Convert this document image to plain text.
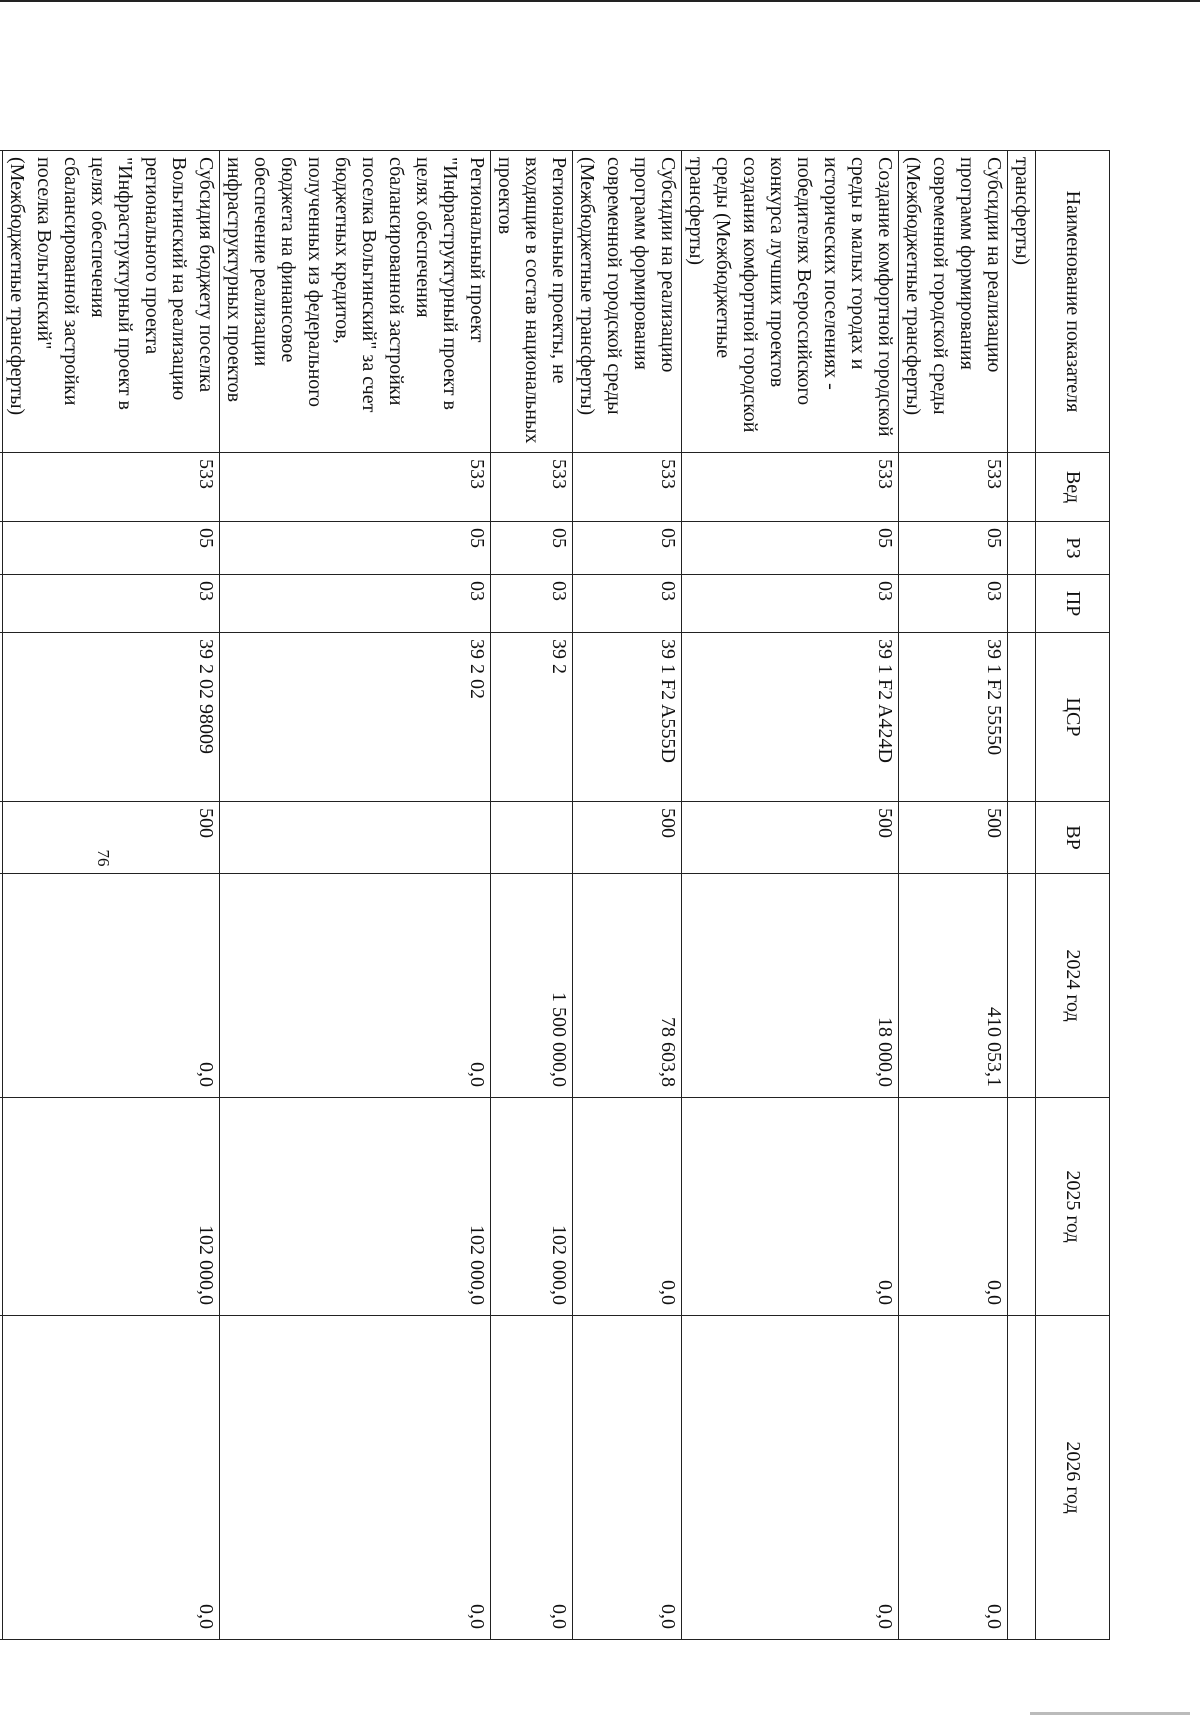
76
Наименование показателя	Вед	РЗ	ПР	ЦСР	ВР	2024 год	2025 год	2026 год
трансферты)								
Субсидии на реализацию программ формирования современной городской среды (Межбюджетные трансферты)	533	05	03	39 1 F2 55550	500	410 053,1	0,0	0,0
Создание комфортной городской среды в малых городах и исторических поселениях - победителях Всероссийского конкурса лучших проектов создания комфортной городской среды (Межбюджетные трансферты)	533	05	03	39 1 F2 A424D	500	18 000,0	0,0	0,0
Субсидии на реализацию программ формирования современной городской среды (Межбюджетные трансферты)	533	05	03	39 1 F2 A555D	500	78 603,8	0,0	0,0
Региональные проекты, не входящие в состав национальных проектов	533	05	03	39 2		1 500 000,0	102 000,0	0,0
Региональный проект "Инфраструктурный проект в целях обеспечения сбалансированной застройки поселка Вольгинский" за счет бюджетных кредитов, полученных из федерального бюджета на финансовое обеспечение реализации инфраструктурных проектов	533	05	03	39 2 02		0,0	102 000,0	0,0
Субсидия бюджету поселка Вольгинский на реализацию регионального проекта "Инфраструктурный проект в целях обеспечения сбалансированной застройки поселка Вольгинский" (Межбюджетные трансферты)	533	05	03	39 2 02 98009	500	0,0	102 000,0	0,0
